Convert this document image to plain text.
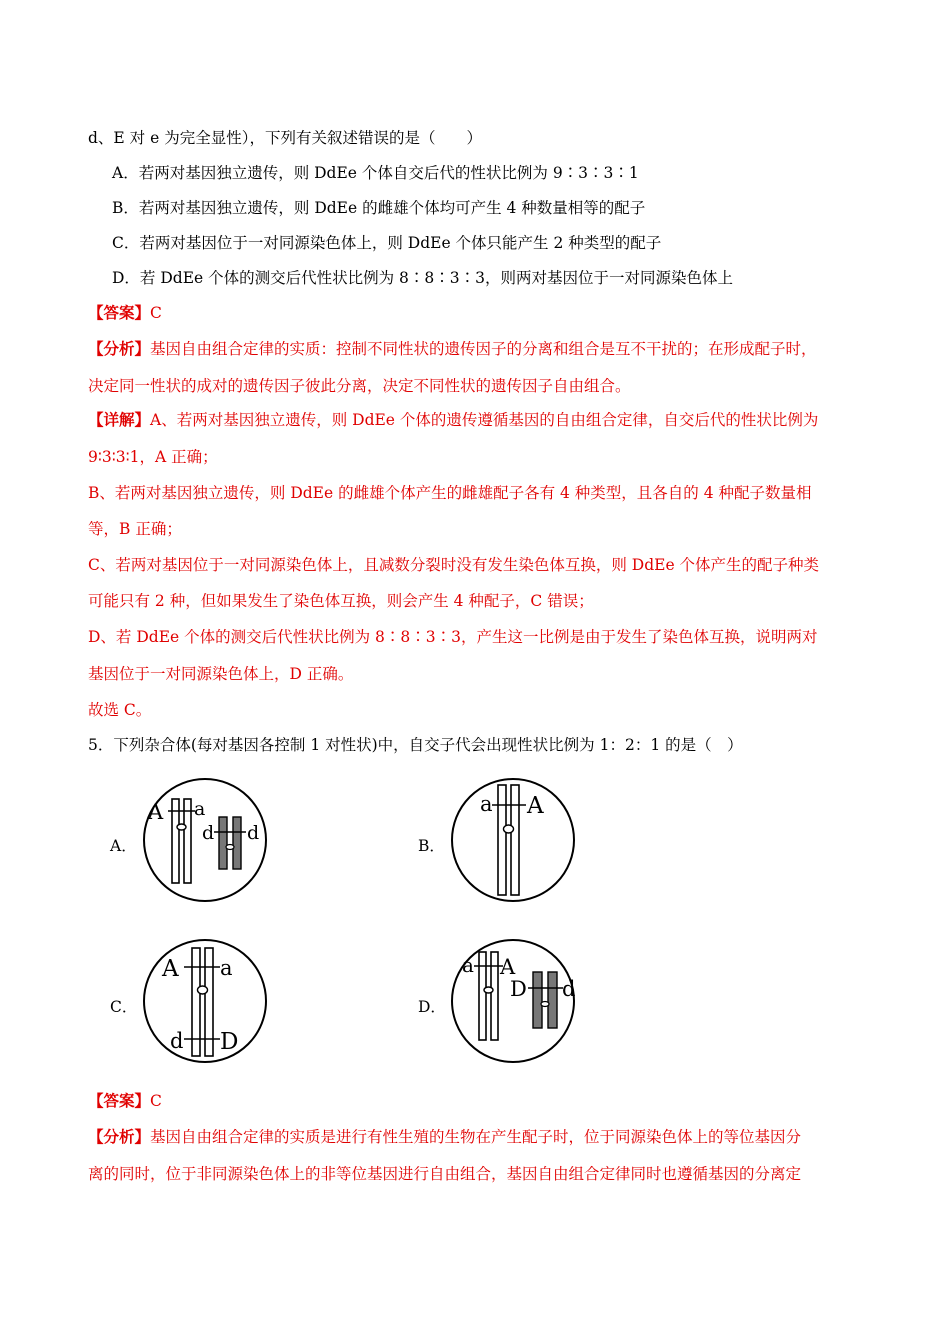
d、E 对 e 为完全显性），下列有关叙述错误的是（　　）
A．若两对基因独立遗传，则 DdEe 个体自交后代的性状比例为 9∶3∶3∶1
B．若两对基因独立遗传，则 DdEe 的雌雄个体均可产生 4 种数量相等的配子
C．若两对基因位于一对同源染色体上，则 DdEe 个体只能产生 2 种类型的配子
D．若 DdEe 个体的测交后代性状比例为 8∶8∶3∶3，则两对基因位于一对同源染色体上
【答案】C
【分析】基因自由组合定律的实质：控制不同性状的遗传因子的分离和组合是互不干扰的；在形成配子时，
决定同一性状的成对的遗传因子彼此分离，决定不同性状的遗传因子自由组合。
【详解】A、若两对基因独立遗传，则 DdEe 个体的遗传遵循基因的自由组合定律，自交后代的性状比例为
9∶3∶3∶1，A 正确；
B、若两对基因独立遗传，则 DdEe 的雌雄个体产生的雌雄配子各有 4 种类型，且各自的 4 种配子数量相
等，B 正确；
C、若两对基因位于一对同源染色体上，且减数分裂时没有发生染色体互换，则 DdEe 个体产生的配子种类
可能只有 2 种，但如果发生了染色体互换，则会产生 4 种配子，C 错误；
D、若 DdEe 个体的测交后代性状比例为 8∶8∶3∶3，产生这一比例是由于发生了染色体互换，说明两对
基因位于一对同源染色体上，D 正确。
故选 C。
5．下列杂合体(每对基因各控制 1 对性状)中，自交子代会出现性状比例为 1：2：1 的是（　）
A．
A a
d d
B．
a A
C．
A a
d D
D．
a A
D d
【答案】C
【分析】基因自由组合定律的实质是进行有性生殖的生物在产生配子时，位于同源染色体上的等位基因分
离的同时，位于非同源染色体上的非等位基因进行自由组合，基因自由组合定律同时也遵循基因的分离定
